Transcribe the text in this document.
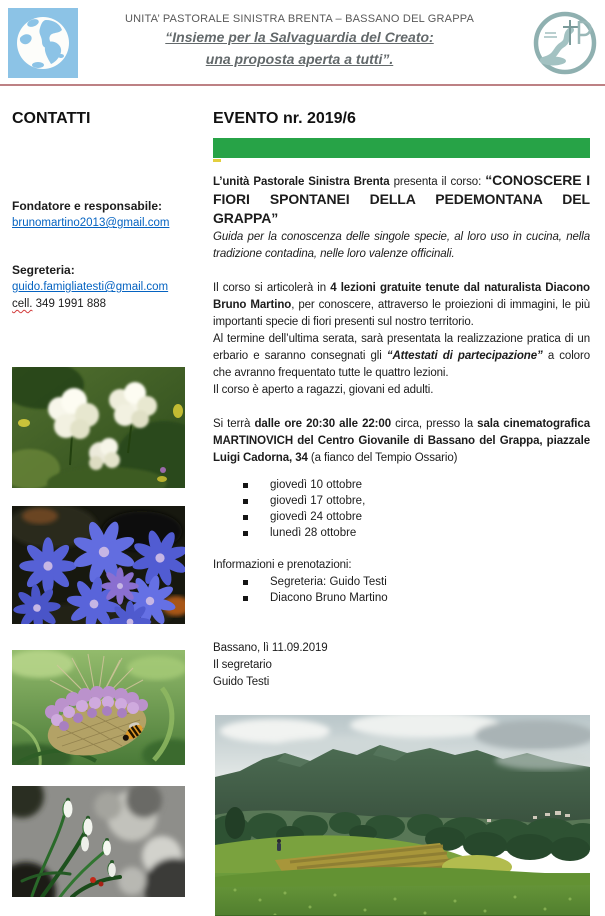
UNITA’ PASTORALE SINISTRA BRENTA – BASSANO DEL GRAPPA
“Insieme per la Salvaguardia del Creato:
una proposta aperta a tutti”.
CONTATTI
Fondatore e responsabile:
brunomartino2013@gmail.com
Segreteria:
guido.famigliatesti@gmail.com
cell. 349 1991 888
EVENTO nr. 2019/6

L’unità Pastorale Sinistra Brenta presenta il corso: “CONOSCERE I FIORI SPONTANEI DELLA PEDEMONTANA DEL GRAPPA”

Guida per la conoscenza delle singole specie, al loro uso in cucina, nella tradizione contadina, nelle loro valenze officinali.

Il corso si articolerà in 4 lezioni gratuite tenute dal naturalista Diacono Bruno Martino, per conoscere, attraverso le proiezioni di immagini, le più importanti specie di fiori presenti sul nostro territorio.

Al termine dell’ultima serata, sarà presentata la realizzazione pratica di un erbario e saranno consegnati gli “Attestati di partecipazione” a coloro che avranno frequentato tutte le quattro lezioni.

Il corso è aperto a ragazzi, giovani ed adulti.

Si terrà dalle ore 20:30 alle 22:00 circa, presso la sala cinematografica MARTINOVICH del Centro Giovanile di Bassano del Grappa, piazzale Luigi Cadorna, 34 (a fianco del Tempio Ossario)

giovedì 10 ottobre
giovedì 17 ottobre,
giovedì 24 ottobre
lunedì 28 ottobre

Informazioni e prenotazioni:

Segreteria: Guido Testi
Diacono Bruno Martino

Bassano, lì 11.09.2019

Il segretario

Guido Testi
